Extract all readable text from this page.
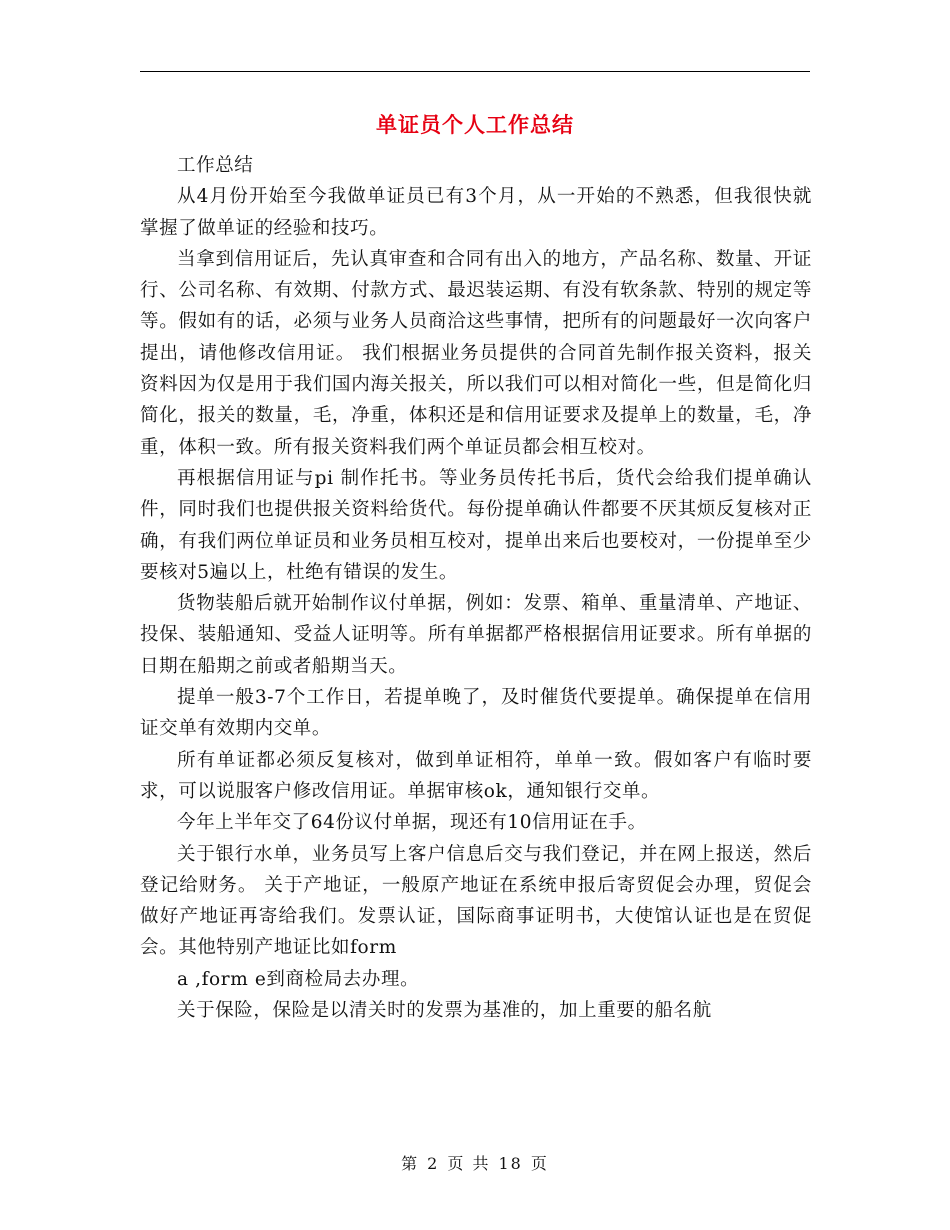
单证员个人工作总结

工作总结

从4月份开始至今我做单证员已有3个月，从一开始的不熟悉，但我很快就掌握了做单证的经验和技巧。

当拿到信用证后，先认真审查和合同有出入的地方，产品名称、数量、开证行、公司名称、有效期、付款方式、最迟装运期、有没有软条款、特别的规定等等。假如有的话，必须与业务人员商洽这些事情，把所有的问题最好一次向客户提出，请他修改信用证。 我们根据业务员提供的合同首先制作报关资料，报关资料因为仅是用于我们国内海关报关，所以我们可以相对简化一些，但是简化归简化，报关的数量，毛，净重，体积还是和信用证要求及提单上的数量，毛，净重，体积一致。所有报关资料我们两个单证员都会相互校对。

再根据信用证与pi 制作托书。等业务员传托书后，货代会给我们提单确认件，同时我们也提供报关资料给货代。每份提单确认件都要不厌其烦反复核对正确，有我们两位单证员和业务员相互校对，提单出来后也要校对，一份提单至少要核对5遍以上，杜绝有错误的发生。

货物装船后就开始制作议付单据，例如：发票、箱单、重量清单、产地证、投保、装船通知、受益人证明等。所有单据都严格根据信用证要求。所有单据的日期在船期之前或者船期当天。

提单一般3-7个工作日，若提单晚了，及时催货代要提单。确保提单在信用证交单有效期内交单。

所有单证都必须反复核对，做到单证相符，单单一致。假如客户有临时要求，可以说服客户修改信用证。单据审核ok，通知银行交单。

今年上半年交了64份议付单据，现还有10信用证在手。

关于银行水单，业务员写上客户信息后交与我们登记，并在网上报送，然后登记给财务。 关于产地证，一般原产地证在系统申报后寄贸促会办理，贸促会做好产地证再寄给我们。发票认证，国际商事证明书，大使馆认证也是在贸促会。其他特别产地证比如form

a ,form e到商检局去办理。

关于保险，保险是以清关时的发票为基准的，加上重要的船名航

第 2 页 共 18 页
